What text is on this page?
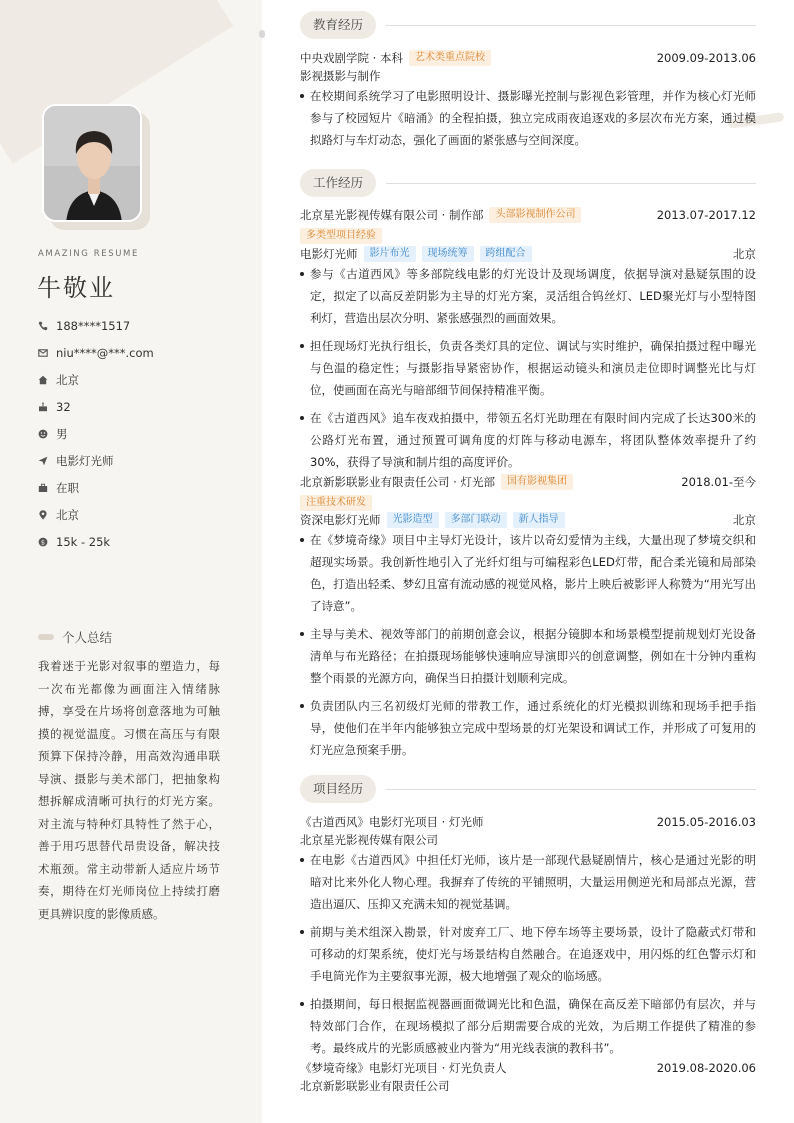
AMAZING RESUME
牛敬业
188****1517
niu****@***.com
北京
32
男
电影灯光师
在职
北京
$ 15k - 25k
个人总结
我着迷于光影对叙事的塑造力，每一次布光都像为画面注入情绪脉搏，享受在片场将创意落地为可触摸的视觉温度。习惯在高压与有限预算下保持冷静，用高效沟通串联导演、摄影与美术部门，把抽象构想拆解成清晰可执行的灯光方案。对主流与特种灯具特性了然于心，善于用巧思替代昂贵设备，解决技术瓶颈。常主动带新人适应片场节奏，期待在灯光师岗位上持续打磨更具辨识度的影像质感。
教育经历
中央戏剧学院 · 本科	艺术类重点院校	2009.09-2013.06
影视摄影与制作
在校期间系统学习了电影照明设计、摄影曝光控制与影视色彩管理，并作为核心灯光师参与了校园短片《暗涌》的全程拍摄，独立完成雨夜追逐戏的多层次布光方案，通过模拟路灯与车灯动态，强化了画面的紧张感与空间深度。
工作经历
北京星光影视传媒有限公司 · 制作部	头部影视制作公司	2013.07-2017.12
多类型项目经验
电影灯光师	影片布光	现场统筹	跨组配合	北京
参与《古道西风》等多部院线电影的灯光设计及现场调度，依据导演对悬疑氛围的设定，拟定了以高反差阴影为主导的灯光方案，灵活组合钨丝灯、LED聚光灯与小型特图利灯，营造出层次分明、紧张感强烈的画面效果。
担任现场灯光执行组长，负责各类灯具的定位、调试与实时维护，确保拍摄过程中曝光与色温的稳定性；与摄影指导紧密协作，根据运动镜头和演员走位即时调整光比与灯位，使画面在高光与暗部细节间保持精准平衡。
在《古道西风》追车夜戏拍摄中，带领五名灯光助理在有限时间内完成了长达300米的公路灯光布置，通过预置可调角度的灯阵与移动电源车，将团队整体效率提升了约30%，获得了导演和制片组的高度评价。
北京新影联影业有限责任公司 · 灯光部	国有影视集团	2018.01-至今
注重技术研发
资深电影灯光师	光影造型	多部门联动	新人指导	北京
在《梦境奇缘》项目中主导灯光设计，该片以奇幻爱情为主线，大量出现了梦境交织和超现实场景。我创新性地引入了光纤灯组与可编程彩色LED灯带，配合柔光镜和局部染色，打造出轻柔、梦幻且富有流动感的视觉风格，影片上映后被影评人称赞为“用光写出了诗意”。
主导与美术、视效等部门的前期创意会议，根据分镜脚本和场景模型提前规划灯光设备清单与布光路径；在拍摄现场能够快速响应导演即兴的创意调整，例如在十分钟内重构整个雨景的光源方向，确保当日拍摄计划顺利完成。
负责团队内三名初级灯光师的带教工作，通过系统化的灯光模拟训练和现场手把手指导，使他们在半年内能够独立完成中型场景的灯光架设和调试工作，并形成了可复用的灯光应急预案手册。
项目经历
《古道西风》电影灯光项目 · 灯光师	2015.05-2016.03
北京星光影视传媒有限公司
在电影《古道西风》中担任灯光师，该片是一部现代悬疑剧情片，核心是通过光影的明暗对比来外化人物心理。我摒弃了传统的平铺照明，大量运用侧逆光和局部点光源，营造出逼仄、压抑又充满未知的视觉基调。
前期与美术组深入勘景，针对废弃工厂、地下停车场等主要场景，设计了隐蔽式灯带和可移动的灯架系统，使灯光与场景结构自然融合。在追逐戏中，用闪烁的红色警示灯和手电筒光作为主要叙事光源，极大地增强了观众的临场感。
拍摄期间，每日根据监视器画面微调光比和色温，确保在高反差下暗部仍有层次，并与特效部门合作，在现场模拟了部分后期需要合成的光效，为后期工作提供了精准的参考。最终成片的光影质感被业内誉为“用光线表演的教科书”。
《梦境奇缘》电影灯光项目 · 灯光负责人	2019.08-2020.06
北京新影联影业有限责任公司
